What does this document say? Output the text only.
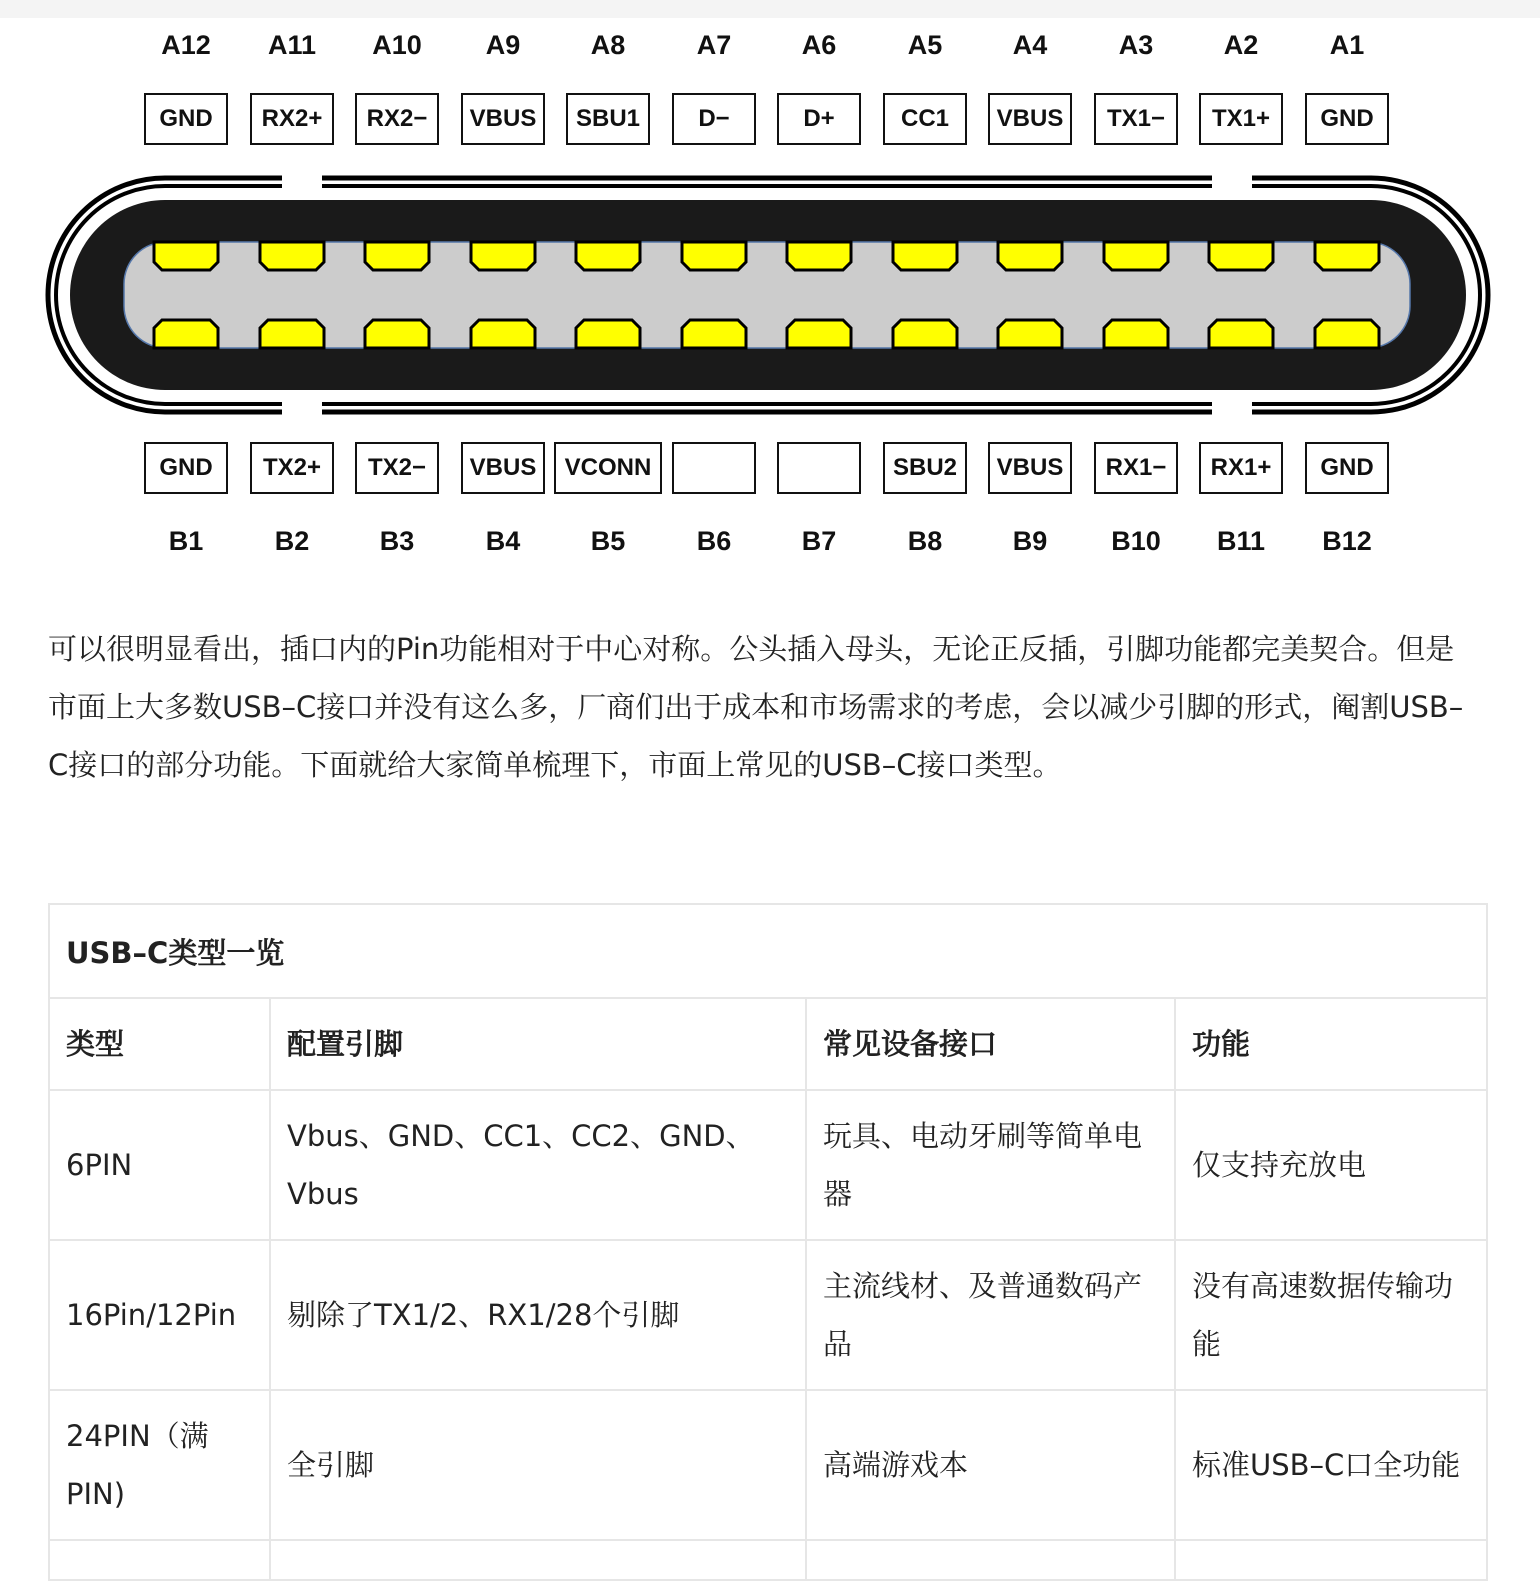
A12
GND
GND
B1
A11
RX2+
TX2+
B2
A10
RX2−
TX2−
B3
A9
VBUS
VBUS
B4
A8
SBU1
VCONN
B5
A7
D−
B6
A6
D+
B7
A5
CC1
SBU2
B8
A4
VBUS
VBUS
B9
A3
TX1−
RX1−
B10
A2
TX1+
RX1+
B11
A1
GND
GND
B12
可以很明显看出，插口内的Pin功能相对于中心对称。公头插入母头，无论正反插，引脚功能都完美契合。但是市面上大多数USB–C接口并没有这么多，厂商们出于成本和市场需求的考虑，会以减少引脚的形式，阉割USB–C接口的部分功能。下面就给大家简单梳理下，市面上常见的USB–C接口类型。
USB–C类型一览
类型	配置引脚	常见设备接口	功能
6PIN	Vbus、GND、CC1、CC2、GND、Vbus	玩具、电动牙刷等简单电器	仅支持充放电
16Pin/12Pin	剔除了TX1/2、RX1/28个引脚	主流线材、及普通数码产品	没有高速数据传输功能
24PIN（满PIN)	全引脚	高端游戏本	标准USB–C口全功能
